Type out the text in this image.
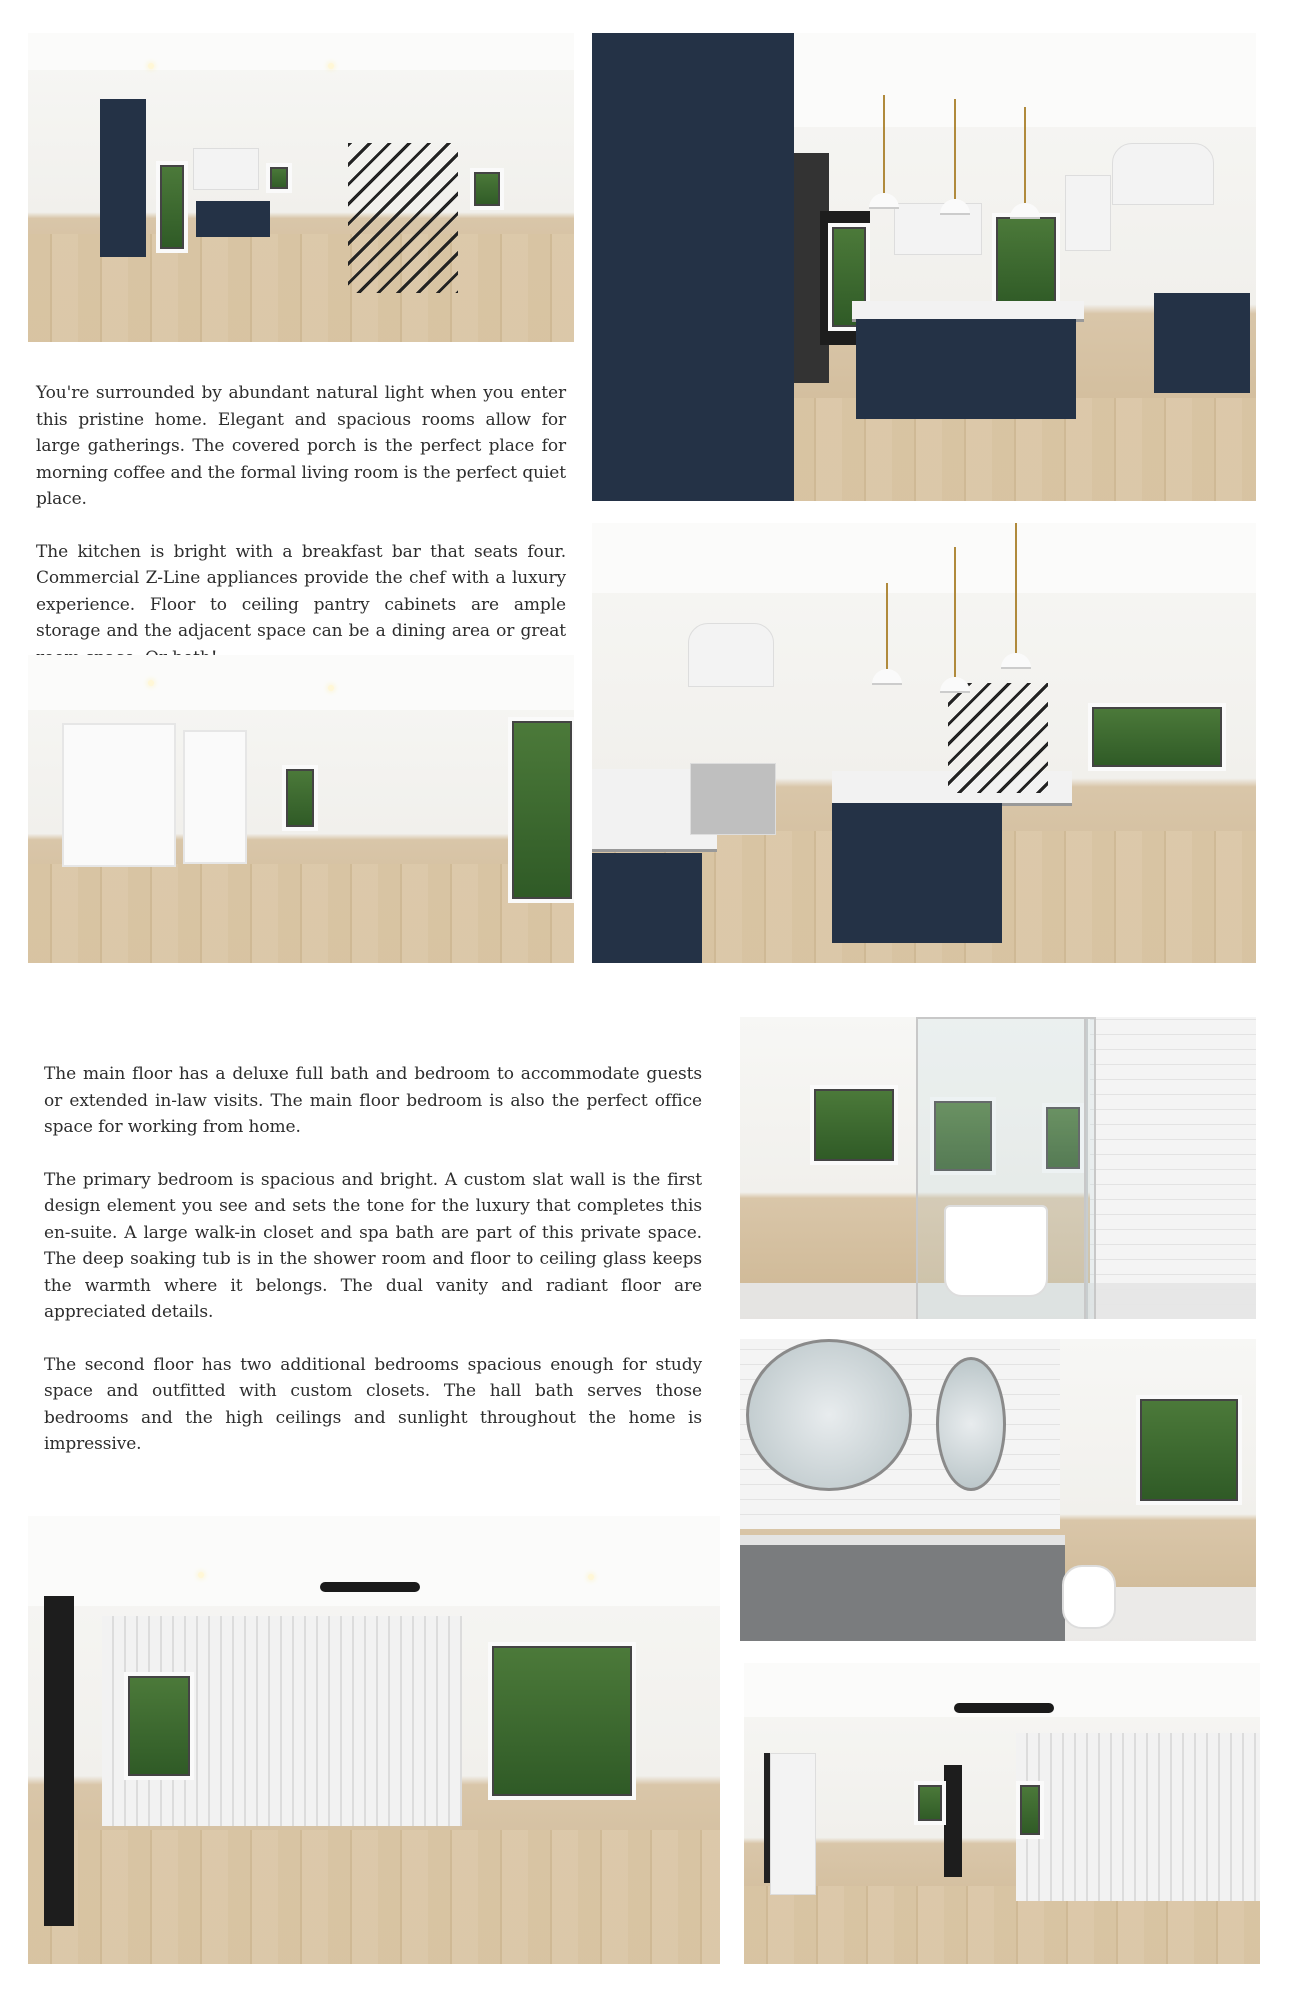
You're surrounded by abundant natural light when you enter this pristine home. Elegant and spacious rooms allow for large gatherings. The covered porch is the perfect place for morning coffee and the formal living room is the perfect quiet place.

The kitchen is bright with a breakfast bar that seats four. Commercial Z-Line appliances provide the chef with a luxury experience. Floor to ceiling pantry cabinets are ample storage and the adjacent space can be a dining area or great

The main floor has a deluxe full bath and bedroom to accommodate guests or extended in-law visits. The main floor bedroom is also the perfect office space for working from home.

The primary bedroom is spacious and bright. A custom slat wall is the first design element you see and sets the tone for the luxury that completes this en-suite. A large walk-in closet and spa bath are part of this private space. The deep soaking tub is in the shower room and floor to ceiling glass keeps the warmth where it belongs. The dual vanity and radiant floor are appreciated details.

The second floor has two additional bedrooms spacious enough for study space and outfitted with custom closets. The hall bath serves those bedrooms and the high ceilings and sunlight throughout the home is impressive.
